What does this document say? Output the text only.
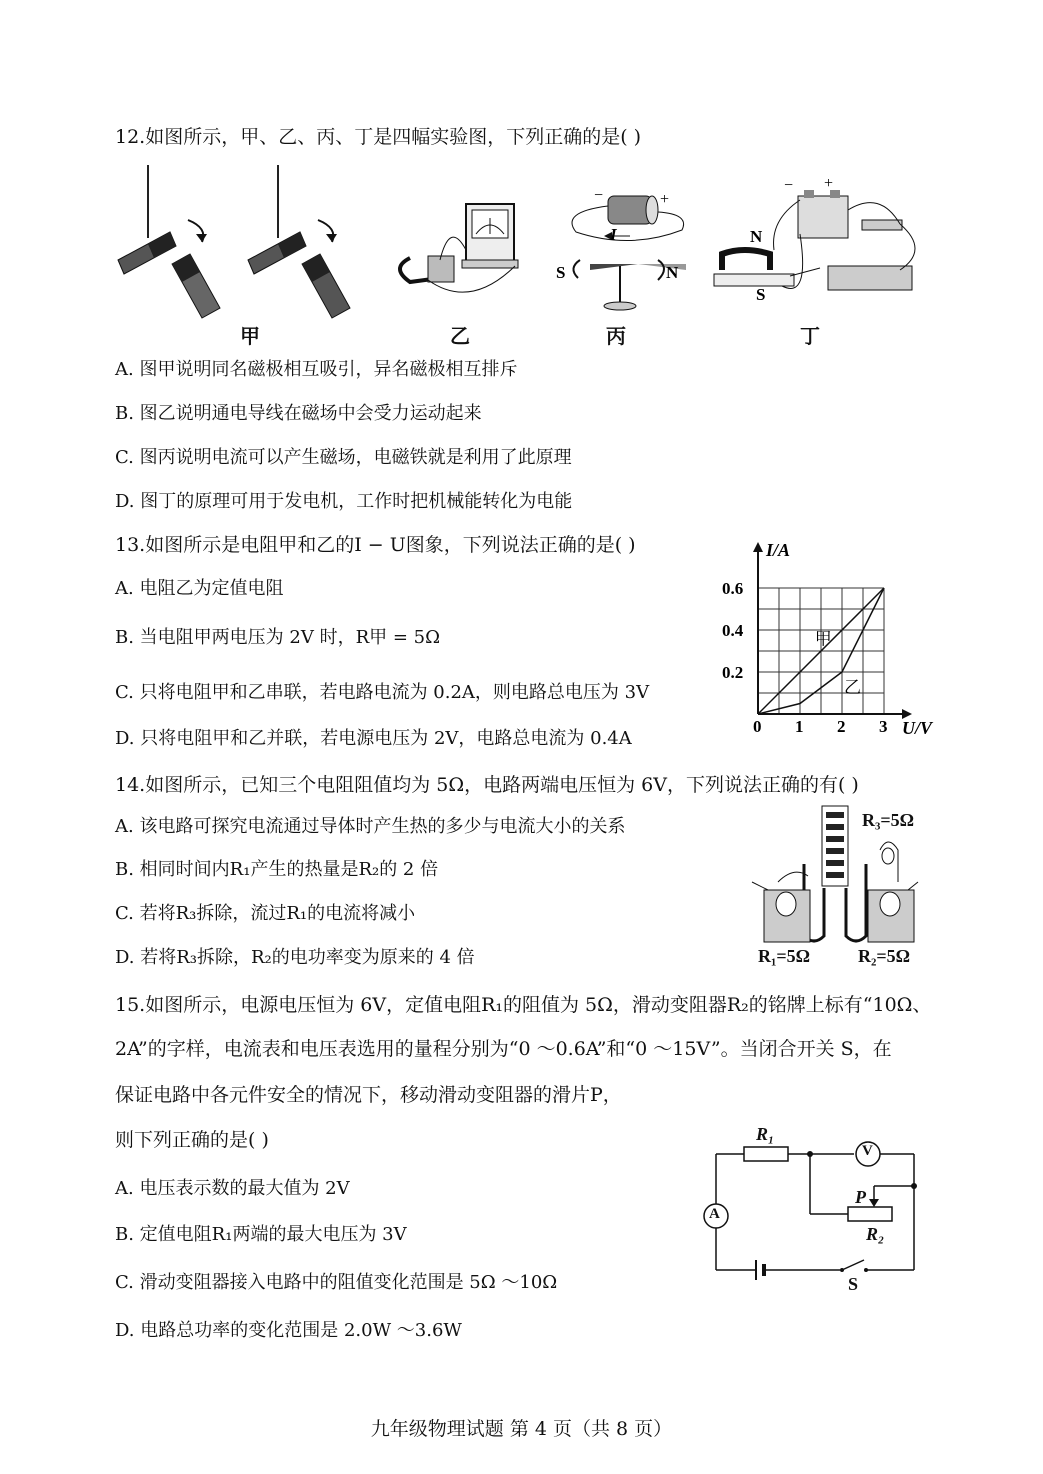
12.如图所示，甲、乙、丙、丁是四幅实验图，下列正确的是( )
−	+
I
S	N
− +
N
S
甲	乙	丙	丁
A. 图甲说明同名磁极相互吸引，异名磁极相互排斥
B. 图乙说明通电导线在磁场中会受力运动起来
C. 图丙说明电流可以产生磁场，电磁铁就是利用了此原理
D. 图丁的原理可用于发电机，工作时把机械能转化为电能
13.如图所示是电阻甲和乙的I − U图象，下列说法正确的是( )
A. 电阻乙为定值电阻
B. 当电阻甲两电压为 2V 时，R甲 = 5Ω
C. 只将电阻甲和乙串联，若电路电流为 0.2A，则电路总电压为 3V
D. 只将电阻甲和乙并联，若电源电压为 2V，电路总电流为 0.4A
甲
乙
0 1 2 3
0.2
0.4
0.6
I/A
U/V
14.如图所示，已知三个电阻阻值均为 5Ω，电路两端电压恒为 6V，下列说法正确的有( )
A. 该电路可探究电流通过导体时产生热的多少与电流大小的关系
B. 相同时间内R₁产生的热量是R₂的 2 倍
C. 若将R₃拆除，流过R₁的电流将减小
D. 若将R₃拆除，R₂的电功率变为原来的 4 倍
R₃=5Ω
R₁=5Ω	R₂=5Ω
15.如图所示，电源电压恒为 6V，定值电阻R₁的阻值为 5Ω，滑动变阻器R₂的铭牌上标有“10Ω、
2A”的字样，电流表和电压表选用的量程分别为“0 ～0.6A”和“0 ～15V”。当闭合开关 S，在
保证电路中各元件安全的情况下，移动滑动变阻器的滑片P，
则下列正确的是( )
A. 电压表示数的最大值为 2V
B. 定值电阻R₁两端的最大电压为 3V
C. 滑动变阻器接入电路中的阻值变化范围是 5Ω ～10Ω
D. 电路总功率的变化范围是 2.0W ～3.6W
R₁
V
A
P
R₂
S
九年级物理试题 第 4 页（共 8 页）
